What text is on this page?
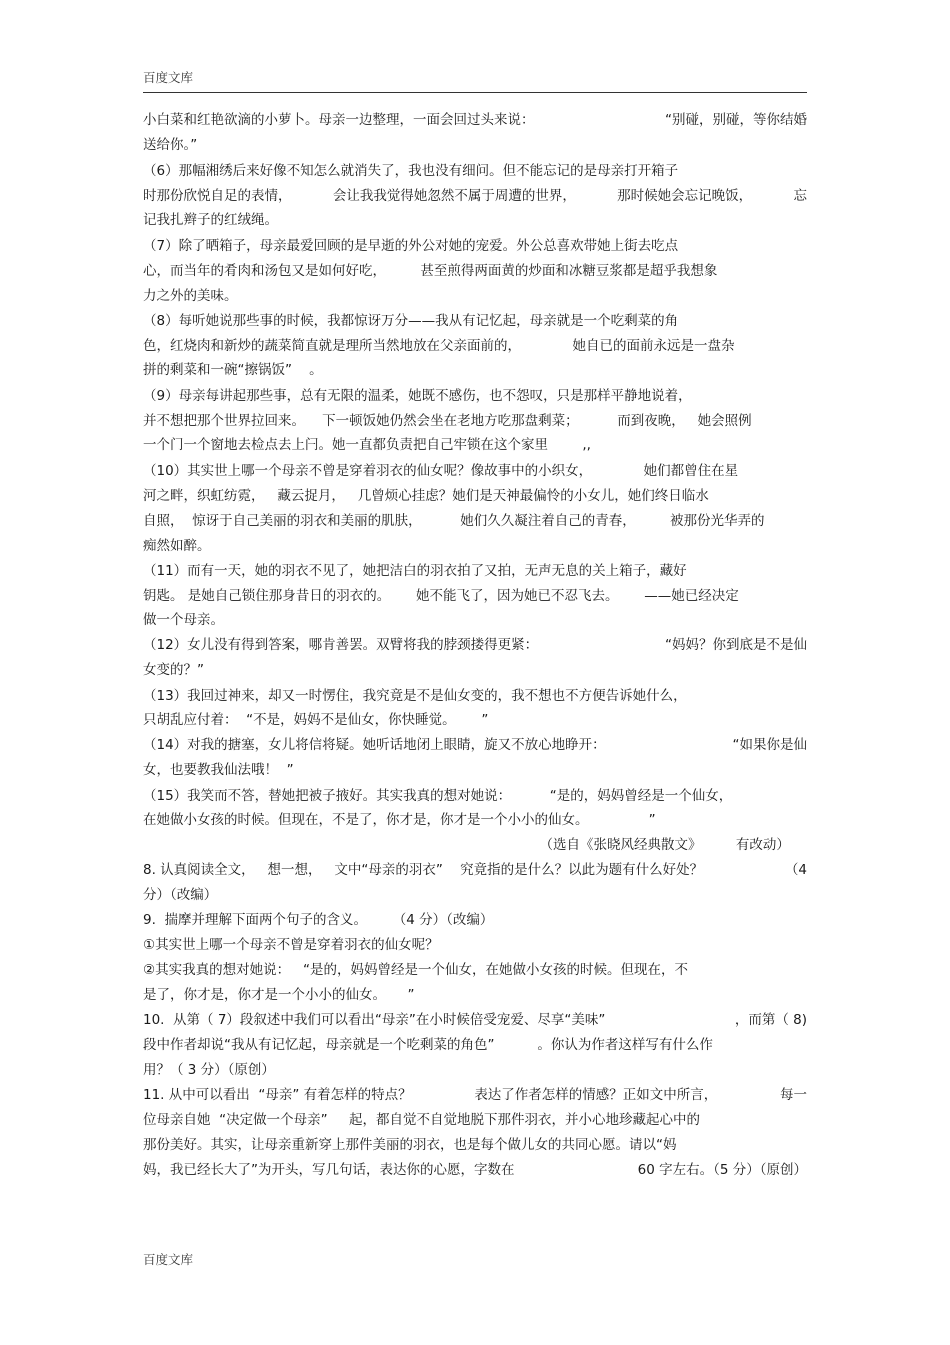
百度文库
小白菜和红艳欲滴的小萝卜。母亲一边整理，一面会回过头来说：	“别碰，别碰，等你结婚
送给你。”
（6）那幅湘绣后来好像不知怎么就消失了，我也没有细问。但不能忘记的是母亲打开箱子
时那份欣悦自足的表情，	会让我我觉得她忽然不属于周遭的世界，	那时候她会忘记晚饭，	忘
记我扎辫子的红绒绳。
（7）除了晒箱子，母亲最爱回顾的是早逝的外公对她的宠爱。外公总喜欢带她上街去吃点
心，而当年的肴肉和汤包又是如何好吃，        甚至煎得两面黄的炒面和冰糖豆浆都是超乎我想象
力之外的美味。
（8）每听她说那些事的时候，我都惊讶万分——我从有记忆起，母亲就是一个吃剩菜的角
色，红烧肉和新炒的蔬菜简直就是理所当然地放在父亲面前的，            她自已的面前永远是一盘杂
拼的剩菜和一碗“擦锅饭”    。
（9）母亲每讲起那些事，总有无限的温柔，她既不感伤，也不怨叹，只是那样平静地说着，
并不想把那个世界拉回来。    下一顿饭她仍然会坐在老地方吃那盘剩菜；         而到夜晚，   她会照例
一个门一个窗地去检点去上闩。她一直都负责把自己牢锁在这个家里        ,,
（10）其实世上哪一个母亲不曾是穿着羽衣的仙女呢？像故事中的小织女，            她们都曾住在星
河之畔，织虹纺霓，   藏云捉月，   几曾烦心挂虑？她们是天神最偏怜的小女儿，她们终日临水
自照，  惊讶于自己美丽的羽衣和美丽的肌肤，         她们久久凝注着自己的青春，        被那份光华弄的
痴然如醉。
（11）而有一天，她的羽衣不见了，她把洁白的羽衣拍了又拍，无声无息的关上箱子，藏好
钥匙。 是她自己锁住那身昔日的羽衣的。      她不能飞了，因为她已不忍飞去。      ——她已经决定
做一个母亲。
（12）女儿没有得到答案，哪肯善罢。双臂将我的脖颈搂得更紧：	“妈妈？你到底是不是仙
女变的？”
（13）我回过神来，却又一时愣住，我究竟是不是仙女变的，我不想也不方便告诉她什么，
只胡乱应付着：  “不是，妈妈不是仙女，你快睡觉。      ”
（14）对我的搪塞，女儿将信将疑。她听话地闭上眼睛，旋又不放心地睁开：	“如果你是仙
女，也要教我仙法哦！  ”
（15）我笑而不答，替她把被子掖好。其实我真的想对她说：         “是的，妈妈曾经是一个仙女，
在她做小女孩的时候。但现在，不是了，你才是，你才是一个小小的仙女。              ”
（选自《张晓风经典散文》        有改动）
8. 认真阅读全文，   想一想，   文中“母亲的羽衣”    究竟指的是什么？以此为题有什么好处？	（4
分）（改编）
9.  揣摩并理解下面两个句子的含义。      （4 分）（改编）
①其实世上哪一个母亲不曾是穿着羽衣的仙女呢？
②其实我真的想对她说：   “是的，妈妈曾经是一个仙女，在她做小女孩的时候。但现在，不
是了，你才是，你才是一个小小的仙女。     ”
10.  从第（ 7）段叙述中我们可以看出“母亲”在小时候倍受宠爱、尽享“美味”	，而第（ 8)
段中作者却说“我从有记忆起，母亲就是一个吃剩菜的角色”          。你认为作者这样写有什么作
用？（ 3 分）（原创）
11. 从中可以看出  “母亲” 有着怎样的特点？	表达了作者怎样的情感？正如文中所言，	每一
位母亲自她  “决定做一个母亲”     起，都自觉不自觉地脱下那件羽衣，并小心地珍藏起心中的
那份美好。其实，让母亲重新穿上那件美丽的羽衣，也是每个做儿女的共同心愿。请以“妈
妈，我已经长大了”为开头，写几句话，表达你的心愿，字数在	60 字左右。（5 分）（原创）
百度文库
